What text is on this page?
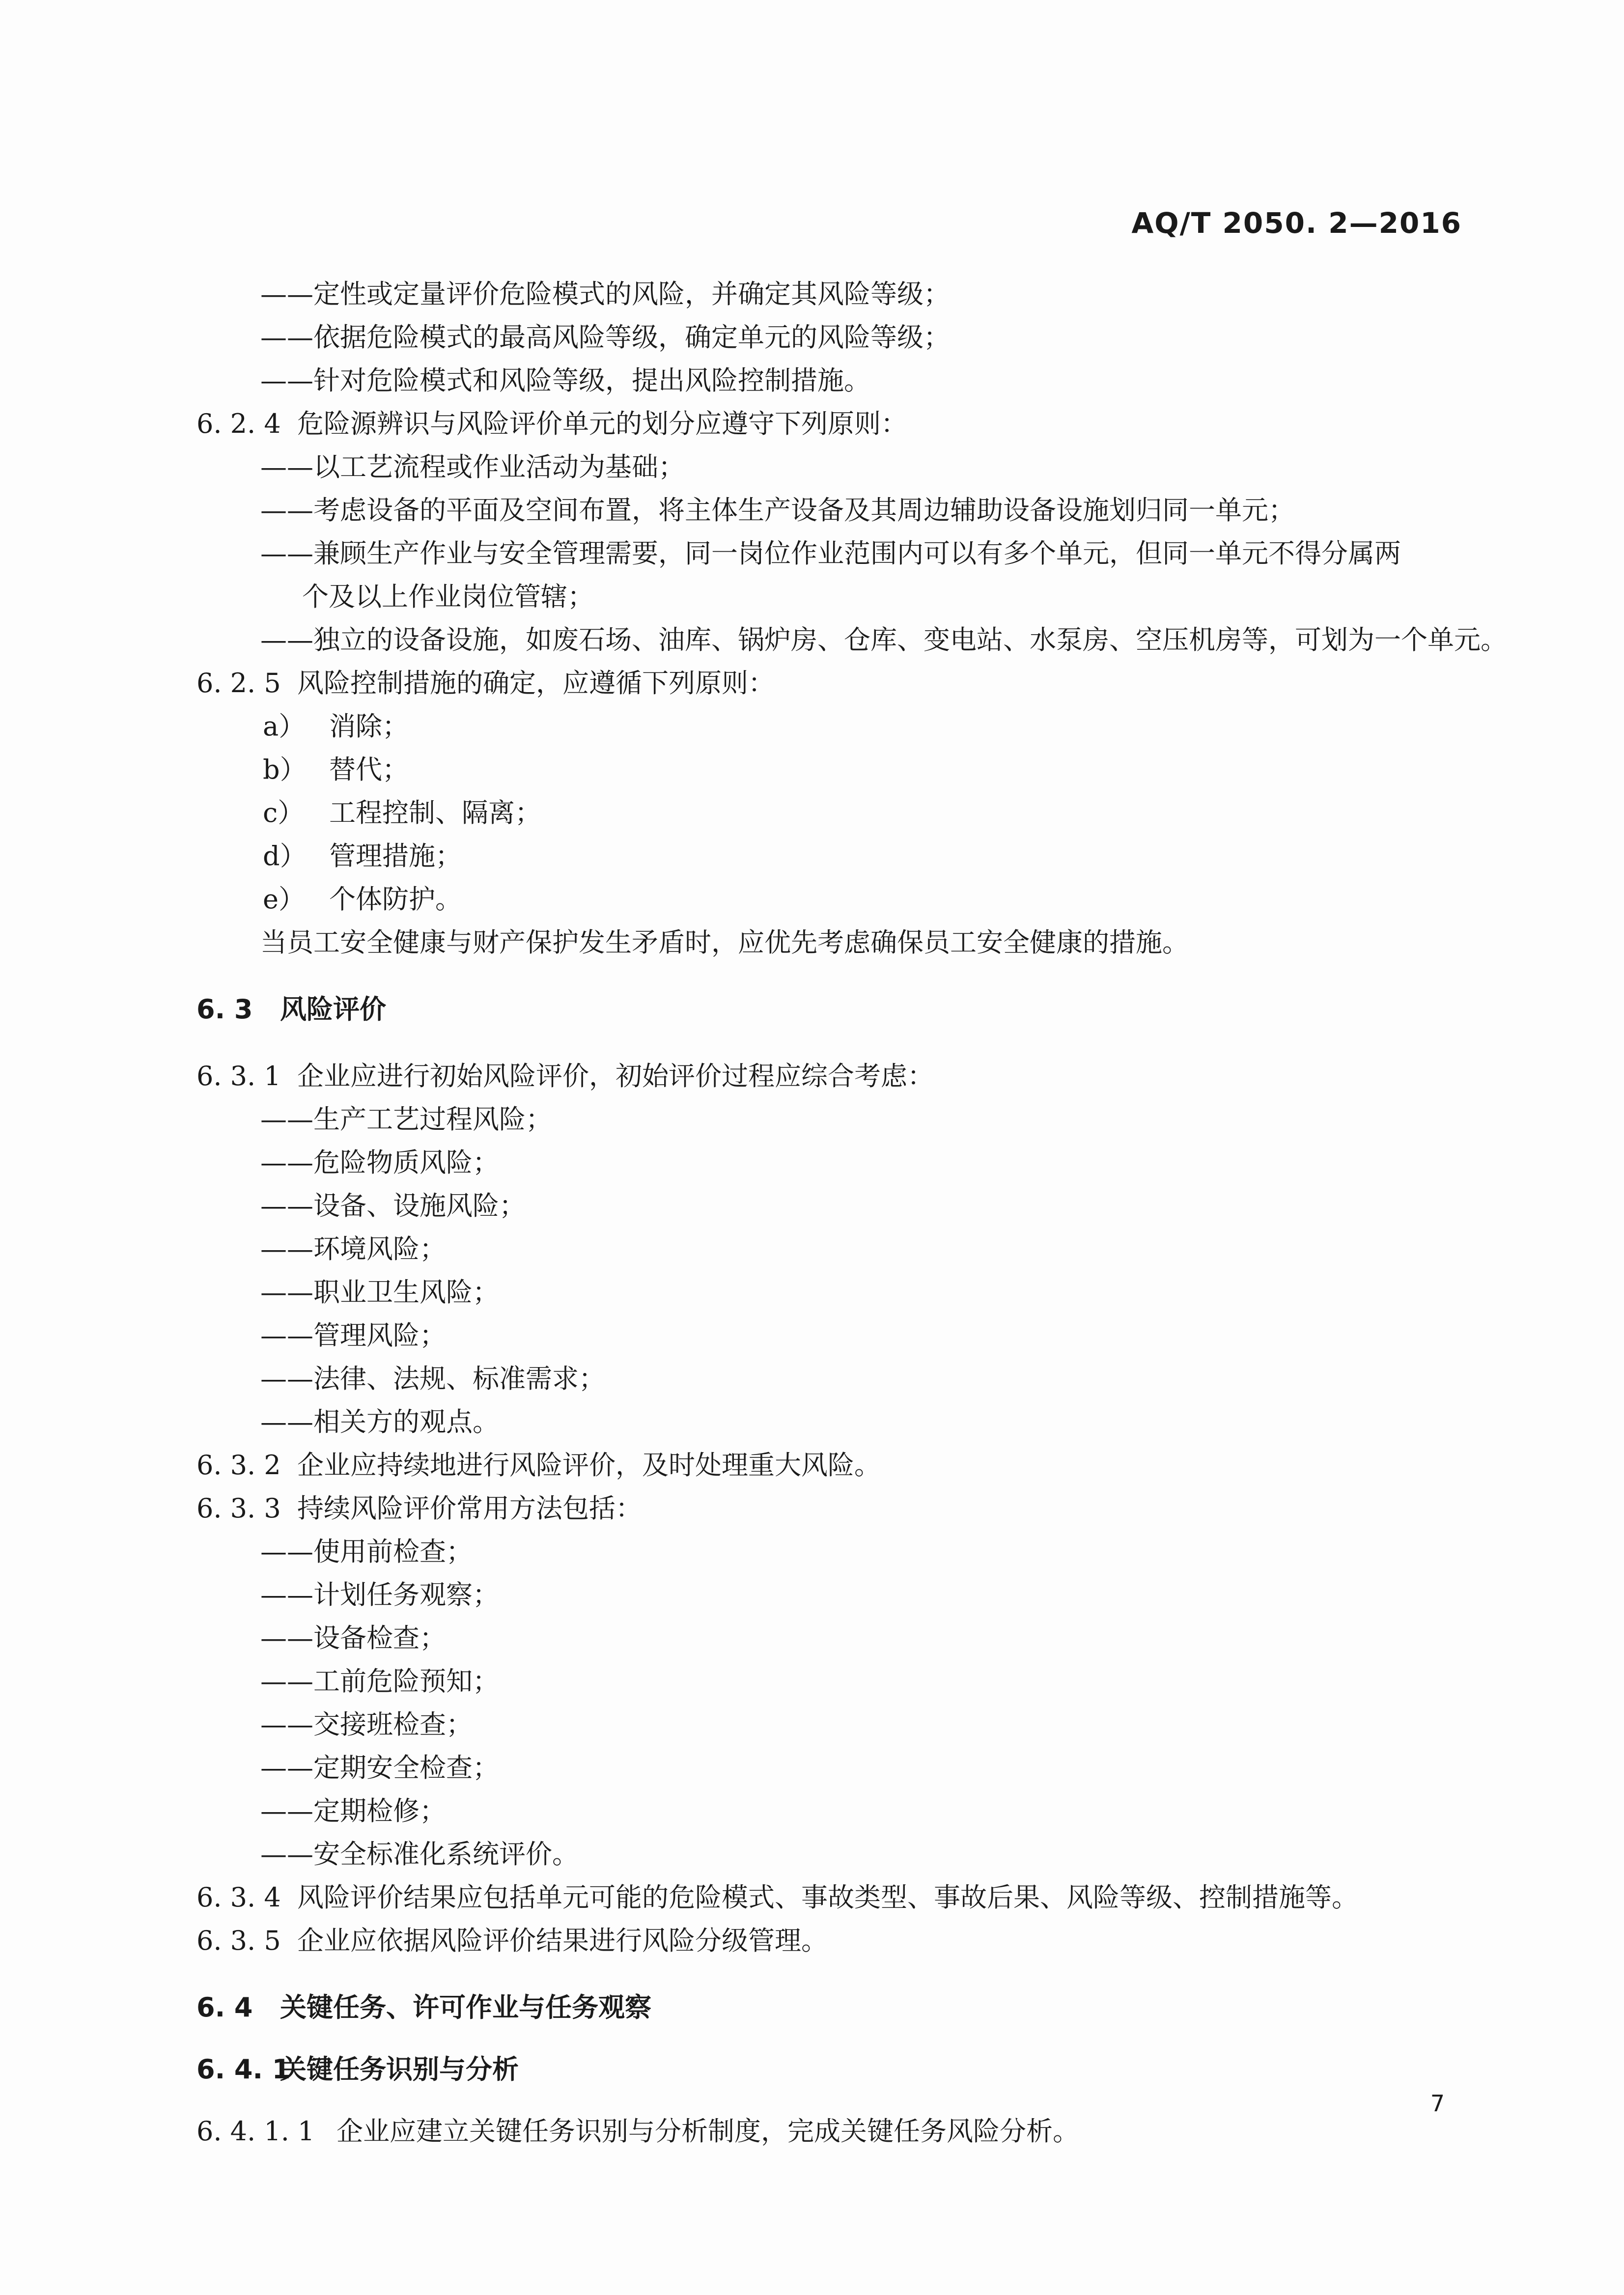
AQ/T 2050. 2—2016
——定性或定量评价危险模式的风险，并确定其风险等级；
——依据危险模式的最高风险等级，确定单元的风险等级；
——针对危险模式和风险等级，提出风险控制措施。
6. 2. 4 危险源辨识与风险评价单元的划分应遵守下列原则：
——以工艺流程或作业活动为基础；
——考虑设备的平面及空间布置，将主体生产设备及其周边辅助设备设施划归同一单元；
——兼顾生产作业与安全管理需要，同一岗位作业范围内可以有多个单元，但同一单元不得分属两
个及以上作业岗位管辖；
——独立的设备设施，如废石场、油库、锅炉房、仓库、变电站、水泵房、空压机房等，可划为一个单元。
6. 2. 5 风险控制措施的确定，应遵循下列原则：
a） 消除；
b） 替代；
c） 工程控制、隔离；
d） 管理措施；
e） 个体防护。
当员工安全健康与财产保护发生矛盾时，应优先考虑确保员工安全健康的措施。
6. 3 风险评价
6. 3. 1 企业应进行初始风险评价，初始评价过程应综合考虑：
——生产工艺过程风险；
——危险物质风险；
——设备、设施风险；
——环境风险；
——职业卫生风险；
——管理风险；
——法律、法规、标准需求；
——相关方的观点。
6. 3. 2 企业应持续地进行风险评价，及时处理重大风险。
6. 3. 3 持续风险评价常用方法包括：
——使用前检查；
——计划任务观察；
——设备检查；
——工前危险预知；
——交接班检查；
——定期安全检查；
——定期检修；
——安全标准化系统评价。
6. 3. 4 风险评价结果应包括单元可能的危险模式、事故类型、事故后果、风险等级、控制措施等。
6. 3. 5 企业应依据风险评价结果进行风险分级管理。
6. 4 关键任务、许可作业与任务观察
6. 4. 1关键任务识别与分析
6. 4. 1. 1 企业应建立关键任务识别与分析制度，完成关键任务风险分析。
7
